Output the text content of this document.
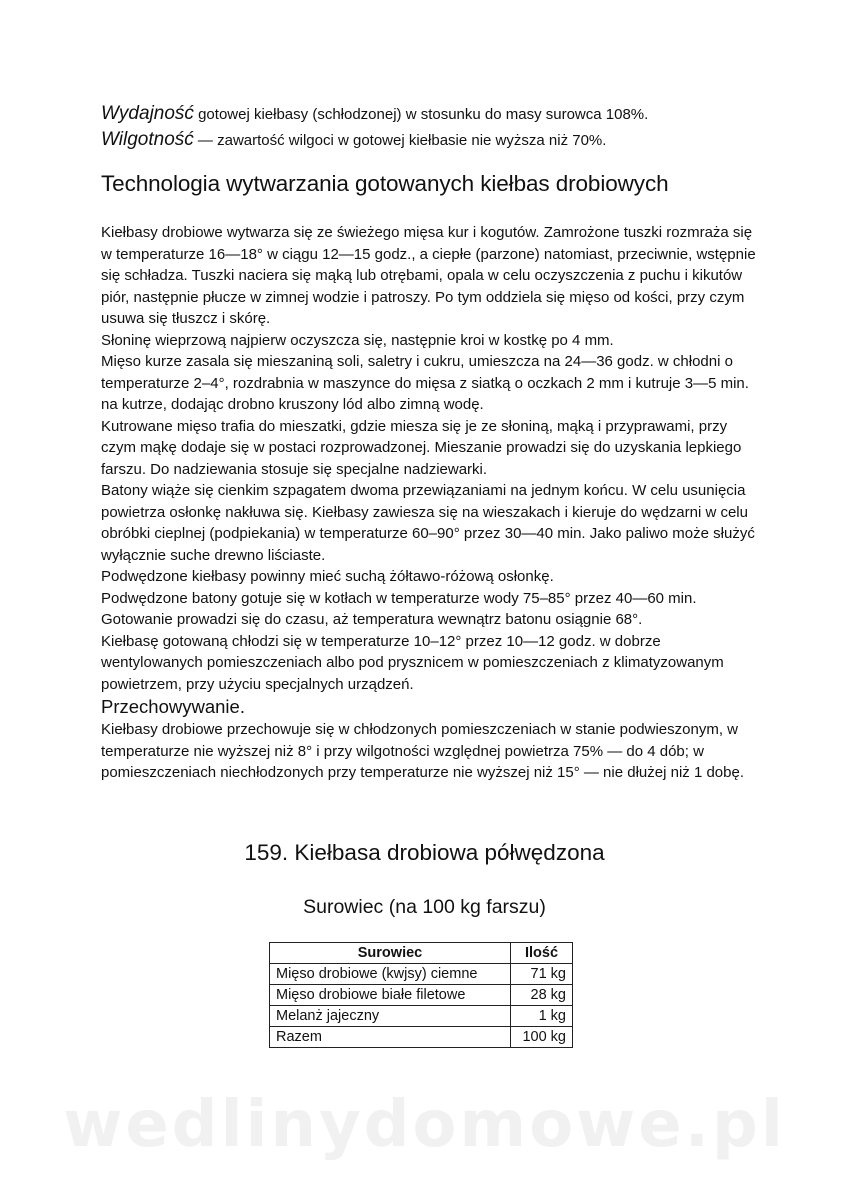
Wydajność gotowej kiełbasy (schłodzonej) w stosunku do masy surowca 108%.
Wilgotność — zawartość wilgoci w gotowej kiełbasie nie wyższa niż 70%.
Technologia wytwarzania gotowanych kiełbas drobiowych

Kiełbasy drobiowe wytwarza się ze świeżego mięsa kur i kogutów. Zamrożone tuszki rozmraża się w temperaturze 16—18° w ciągu 12—15 godz., a ciepłe (parzone) natomiast, przeciwnie, wstępnie się schładza. Tuszki naciera się mąką lub otrębami, opala w celu oczyszczenia z puchu i kikutów piór, następnie płucze w zimnej wodzie i patroszy. Po tym oddziela się mięso od kości, przy czym usuwa się tłuszcz i skórę.

Słoninę wieprzową najpierw oczyszcza się, następnie kroi w kostkę po 4 mm.

Mięso kurze zasala się mieszaniną soli, saletry i cukru, umieszcza na 24—36 godz. w chłodni o temperaturze 2–4°, rozdrabnia w maszynce do mięsa z siatką o oczkach 2 mm i kutruje 3—5 min. na kutrze, dodając drobno kruszony lód albo zimną wodę.

Kutrowane mięso trafia do mieszatki, gdzie miesza się je ze słoniną, mąką i przyprawami, przy czym mąkę dodaje się w postaci rozprowadzonej. Mieszanie prowadzi się do uzyskania lepkiego farszu. Do nadziewania stosuje się specjalne nadziewarki.

Batony wiąże się cienkim szpagatem dwoma przewiązaniami na jednym końcu. W celu usunięcia powietrza osłonkę nakłuwa się. Kiełbasy zawiesza się na wieszakach i kieruje do wędzarni w celu obróbki cieplnej (podpiekania) w temperaturze 60–90° przez 30—40 min. Jako paliwo może służyć wyłącznie suche drewno liściaste.

Podwędzone kiełbasy powinny mieć suchą żółtawo-różową osłonkę.

Podwędzone batony gotuje się w kotłach w temperaturze wody 75–85° przez 40—60 min. Gotowanie prowadzi się do czasu, aż temperatura wewnątrz batonu osiągnie 68°.

Kiełbasę gotowaną chłodzi się w temperaturze 10–12° przez 10—12 godz. w dobrze wentylowanych pomieszczeniach albo pod prysznicem w pomieszczeniach z klimatyzowanym powietrzem, przy użyciu specjalnych urządzeń.

Przechowywanie.

Kiełbasy drobiowe przechowuje się w chłodzonych pomieszczeniach w stanie podwieszonym, w temperaturze nie wyższej niż 8° i przy wilgotności względnej powietrza 75% — do 4 dób; w pomieszczeniach niechłodzonych przy temperaturze nie wyższej niż 15° — nie dłużej niż 1 dobę.

159. Kiełbasa drobiowa półwędzona
Surowiec (na 100 kg farszu)
Surowiec	Ilość
Mięso drobiowe (kwjsy) ciemne	71 kg
Mięso drobiowe białe filetowe	28 kg
Melanż jajeczny	1 kg
Razem	100 kg
wedlinydomowe.pl
